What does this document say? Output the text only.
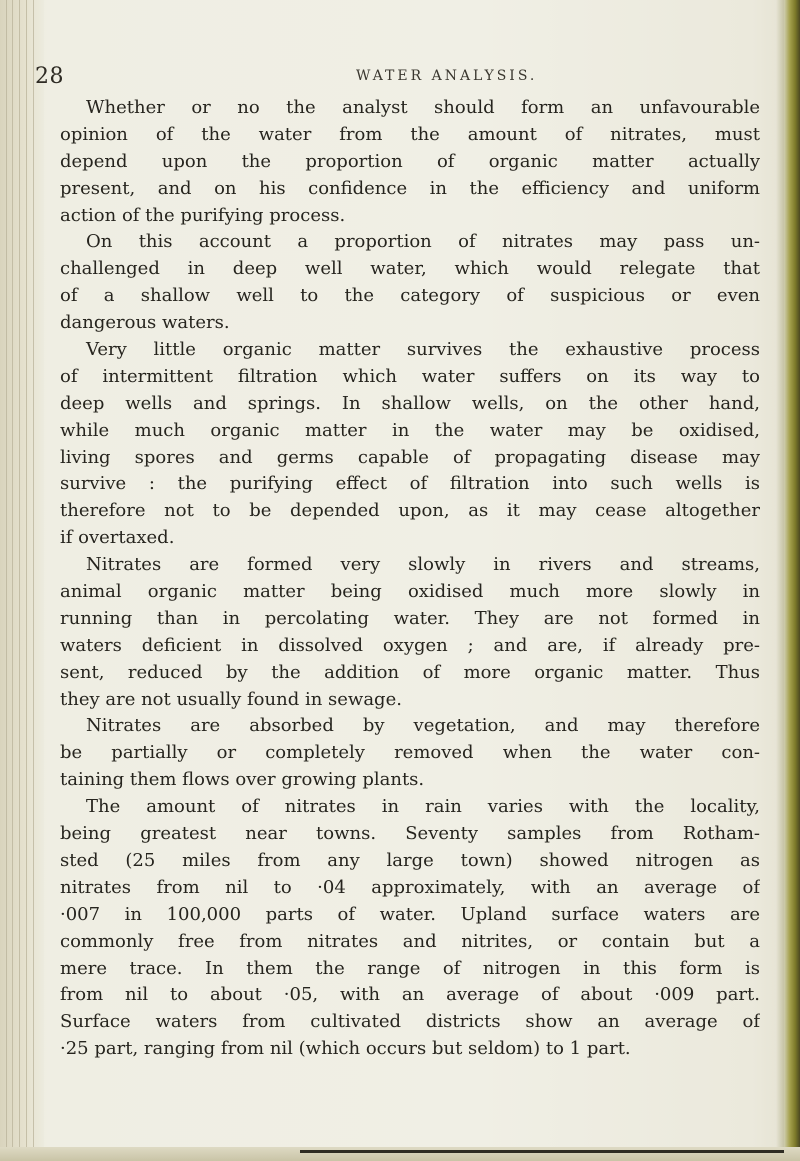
28	WATER ANALYSIS.
Whether or no the analyst should form an unfavourable
opinion of the water from the amount of nitrates, must
depend upon the proportion of organic matter actually
present, and on his confidence in the efficiency and uniform
action of the purifying process.
On this account a proportion of nitrates may pass un-
challenged in deep well water, which would relegate that
of a shallow well to the category of suspicious or even
dangerous waters.
Very little organic matter survives the exhaustive process
of intermittent filtration which water suffers on its way to
deep wells and springs. In shallow wells, on the other hand,
while much organic matter in the water may be oxidised,
living spores and germs capable of propagating disease may
survive : the purifying effect of filtration into such wells is
therefore not to be depended upon, as it may cease altogether
if overtaxed.
Nitrates are formed very slowly in rivers and streams,
animal organic matter being oxidised much more slowly in
running than in percolating water. They are not formed in
waters deficient in dissolved oxygen ; and are, if already pre-
sent, reduced by the addition of more organic matter. Thus
they are not usually found in sewage.
Nitrates are absorbed by vegetation, and may therefore
be partially or completely removed when the water con-
taining them flows over growing plants.
The amount of nitrates in rain varies with the locality,
being greatest near towns. Seventy samples from Rotham-
sted (25 miles from any large town) showed nitrogen as
nitrates from nil to ·04 approximately, with an average of
·007 in 100,000 parts of water. Upland surface waters are
commonly free from nitrates and nitrites, or contain but a
mere trace. In them the range of nitrogen in this form is
from nil to about ·05, with an average of about ·009 part.
Surface waters from cultivated districts show an average of
·25 part, ranging from nil (which occurs but seldom) to 1 part.
